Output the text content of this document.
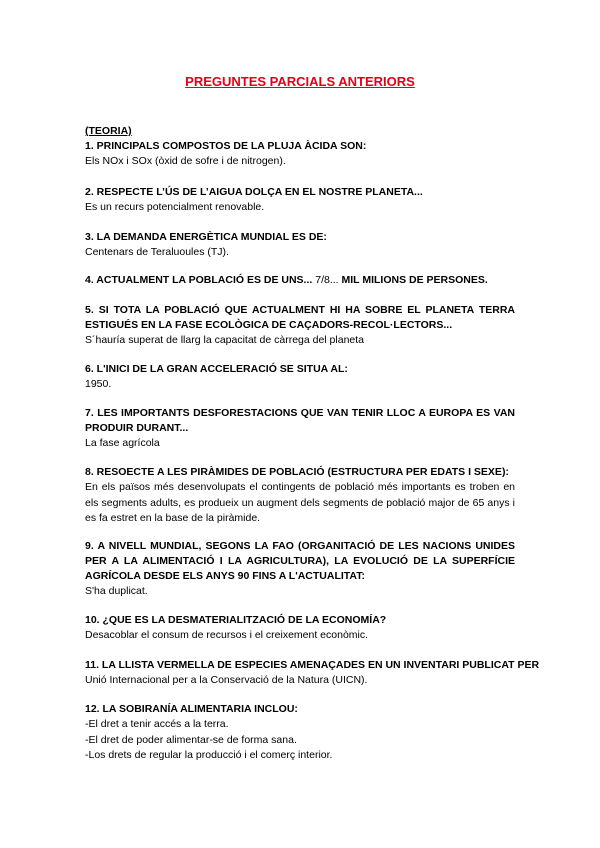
PREGUNTES PARCIALS ANTERIORS
(TEORIA)
1. PRINCIPALS COMPOSTOS DE LA PLUJA ÀCIDA SON:
Els NOx i SOx (òxid de sofre i de nitrogen).
2. RESPECTE L’ÚS DE L’AIGUA DOLÇA EN EL NOSTRE PLANETA...
Es un recurs potencialment renovable.
3. LA DEMANDA ENERGÈTICA MUNDIAL ES DE:
Centenars de Teraluoules (TJ).
4. ACTUALMENT LA POBLACIÓ ES DE UNS... 7/8... MIL MILIONS DE PERSONES.
5. SI TOTA LA POBLACIÓ QUE ACTUALMENT HI HA SOBRE EL PLANETA TERRA ESTIGUÉS EN LA FASE ECOLÒGICA DE CAÇADORS-RECOL·LECTORS...
S´hauría superat de llarg la capacitat de càrrega del planeta
6. L'INICI DE LA GRAN ACCELERACIÓ SE SITUA AL:
1950.
7. LES IMPORTANTS DESFORESTACIONS QUE VAN TENIR LLOC A EUROPA ES VAN PRODUIR DURANT...
La fase agrícola
8. RESOECTE A LES PIRÀMIDES DE POBLACIÓ (ESTRUCTURA PER EDATS I SEXE):
En els països més desenvolupats el contingents de població més importants es troben en els segments adults, es produeix un augment dels segments de població major de 65 anys i es fa estret en la base de la piràmide.
9. A NIVELL MUNDIAL, SEGONS LA FAO (ORGANITACIÓ DE LES NACIONS UNIDES PER A LA ALIMENTACIÓ I LA AGRICULTURA), LA EVOLUCIÓ DE LA SUPERFÍCIE AGRÍCOLA DESDE ELS ANYS 90 FINS A L'ACTUALITAT:
S'ha duplicat.
10. ¿QUE ES LA DESMATERIALITZACIÓ DE LA ECONOMÍA?
Desacoblar el consum de recursos i el creixement econòmic.
11. LA LLISTA VERMELLA DE ESPECIES AMENAÇADES EN UN INVENTARI PUBLICAT PER
Unió Internacional per a la Conservació de la Natura (UICN).
12. LA SOBIRANÍA ALIMENTARIA INCLOU:
-El dret a tenir accés a la terra.
-El dret de poder alimentar-se de forma sana.
-Los drets de regular la producció i el comerç interior.
